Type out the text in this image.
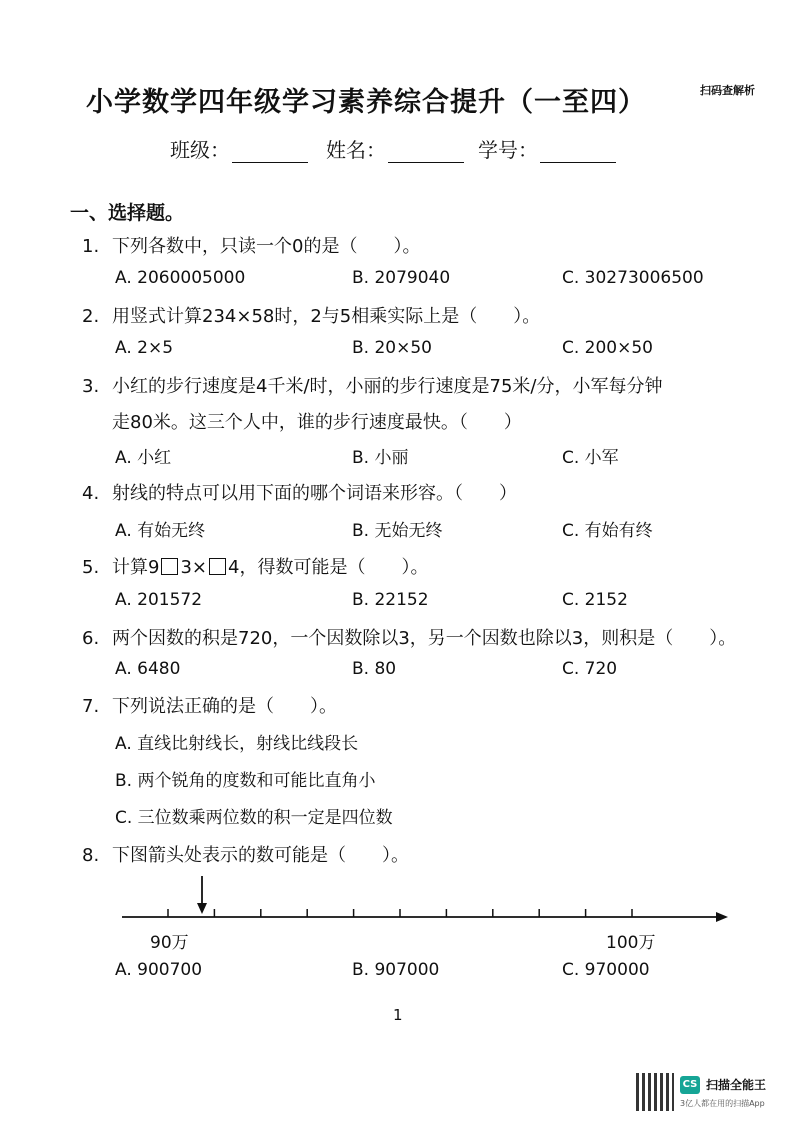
小学数学四年级学习素养综合提升（一至四）	扫码查解析
班级：	姓名：	学号：
一、选择题。
1. 下列各数中，只读一个0的是（　　）。
A. 2060005000	B. 2079040	C. 30273006500
2. 用竖式计算234×58时，2与5相乘实际上是（　　）。
A. 2×5	B. 20×50	C. 200×50
3. 小红的步行速度是4千米/时，小丽的步行速度是75米/分，小军每分钟
走80米。这三个人中，谁的步行速度最快。（　　）
A. 小红	B. 小丽	C. 小军
4. 射线的特点可以用下面的哪个词语来形容。（　　）
A. 有始无终	B. 无始无终	C. 有始有终
5. 计算9 3× 4，得数可能是（　　）。
A. 201572	B. 22152	C. 2152
6. 两个因数的积是720，一个因数除以3，另一个因数也除以3，则积是（　　）。
A. 6480	B. 80	C. 720
7. 下列说法正确的是（　　）。
A. 直线比射线长，射线比线段长
B. 两个锐角的度数和可能比直角小
C. 三位数乘两位数的积一定是四位数
8. 下图箭头处表示的数可能是（　　）。
90万	100万
A. 900700	B. 907000	C. 970000
1
CS 扫描全能王
3亿人都在用的扫描App
